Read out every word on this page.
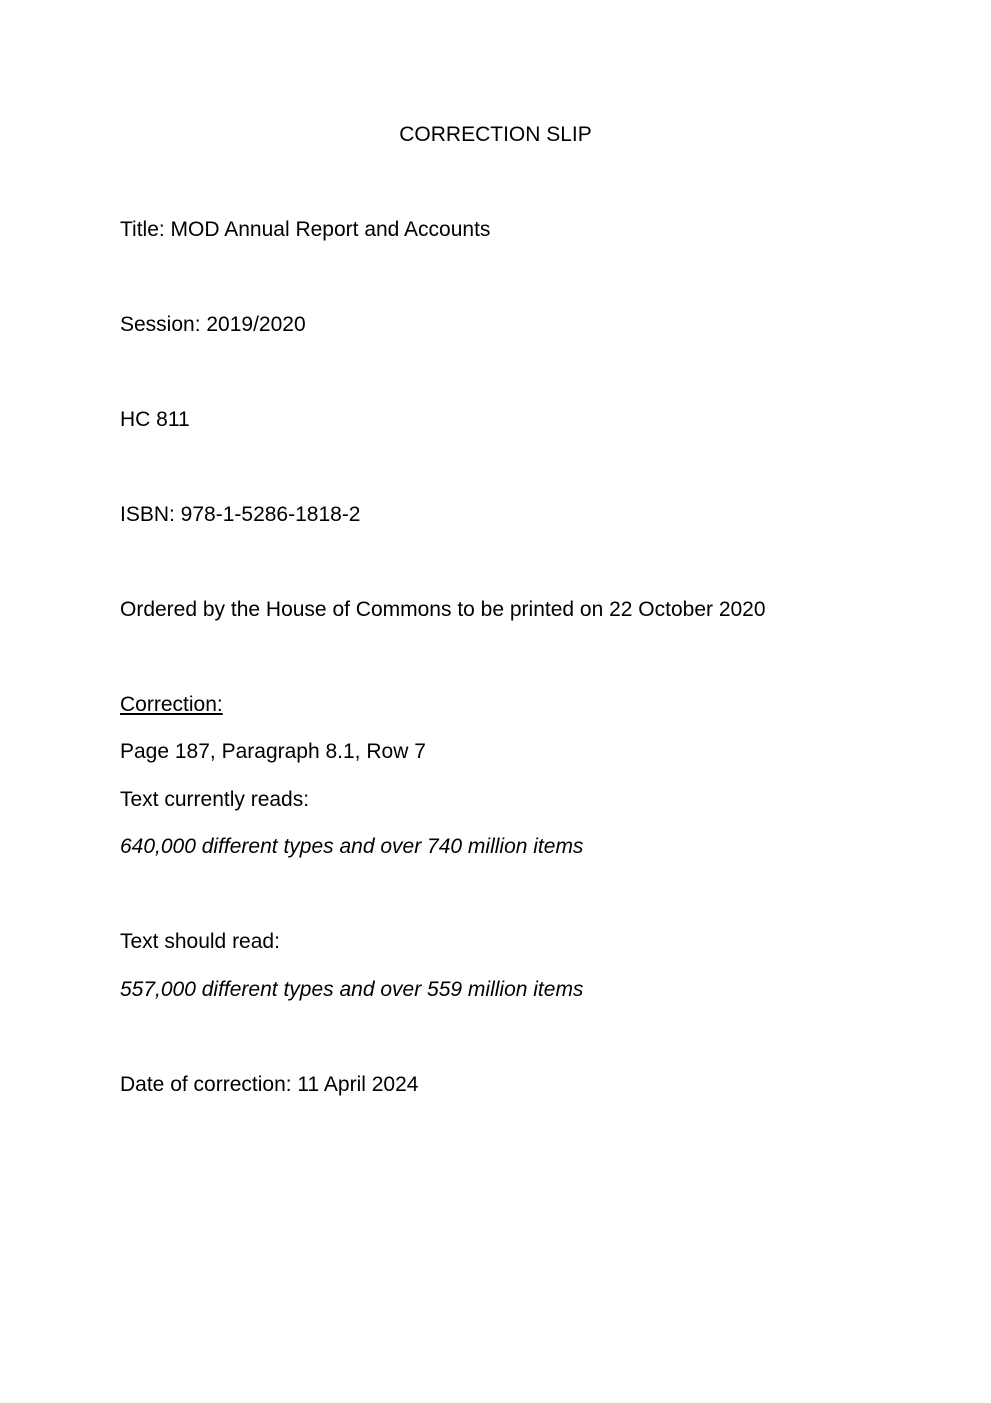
CORRECTION SLIP
Title: MOD Annual Report and Accounts
Session: 2019/2020
HC 811
ISBN: 978-1-5286-1818-2
Ordered by the House of Commons to be printed on 22 October 2020
Correction:
Page 187, Paragraph 8.1, Row 7
Text currently reads:
640,000 different types and over 740 million items
Text should read:
557,000 different types and over 559 million items
Date of correction: 11 April 2024
